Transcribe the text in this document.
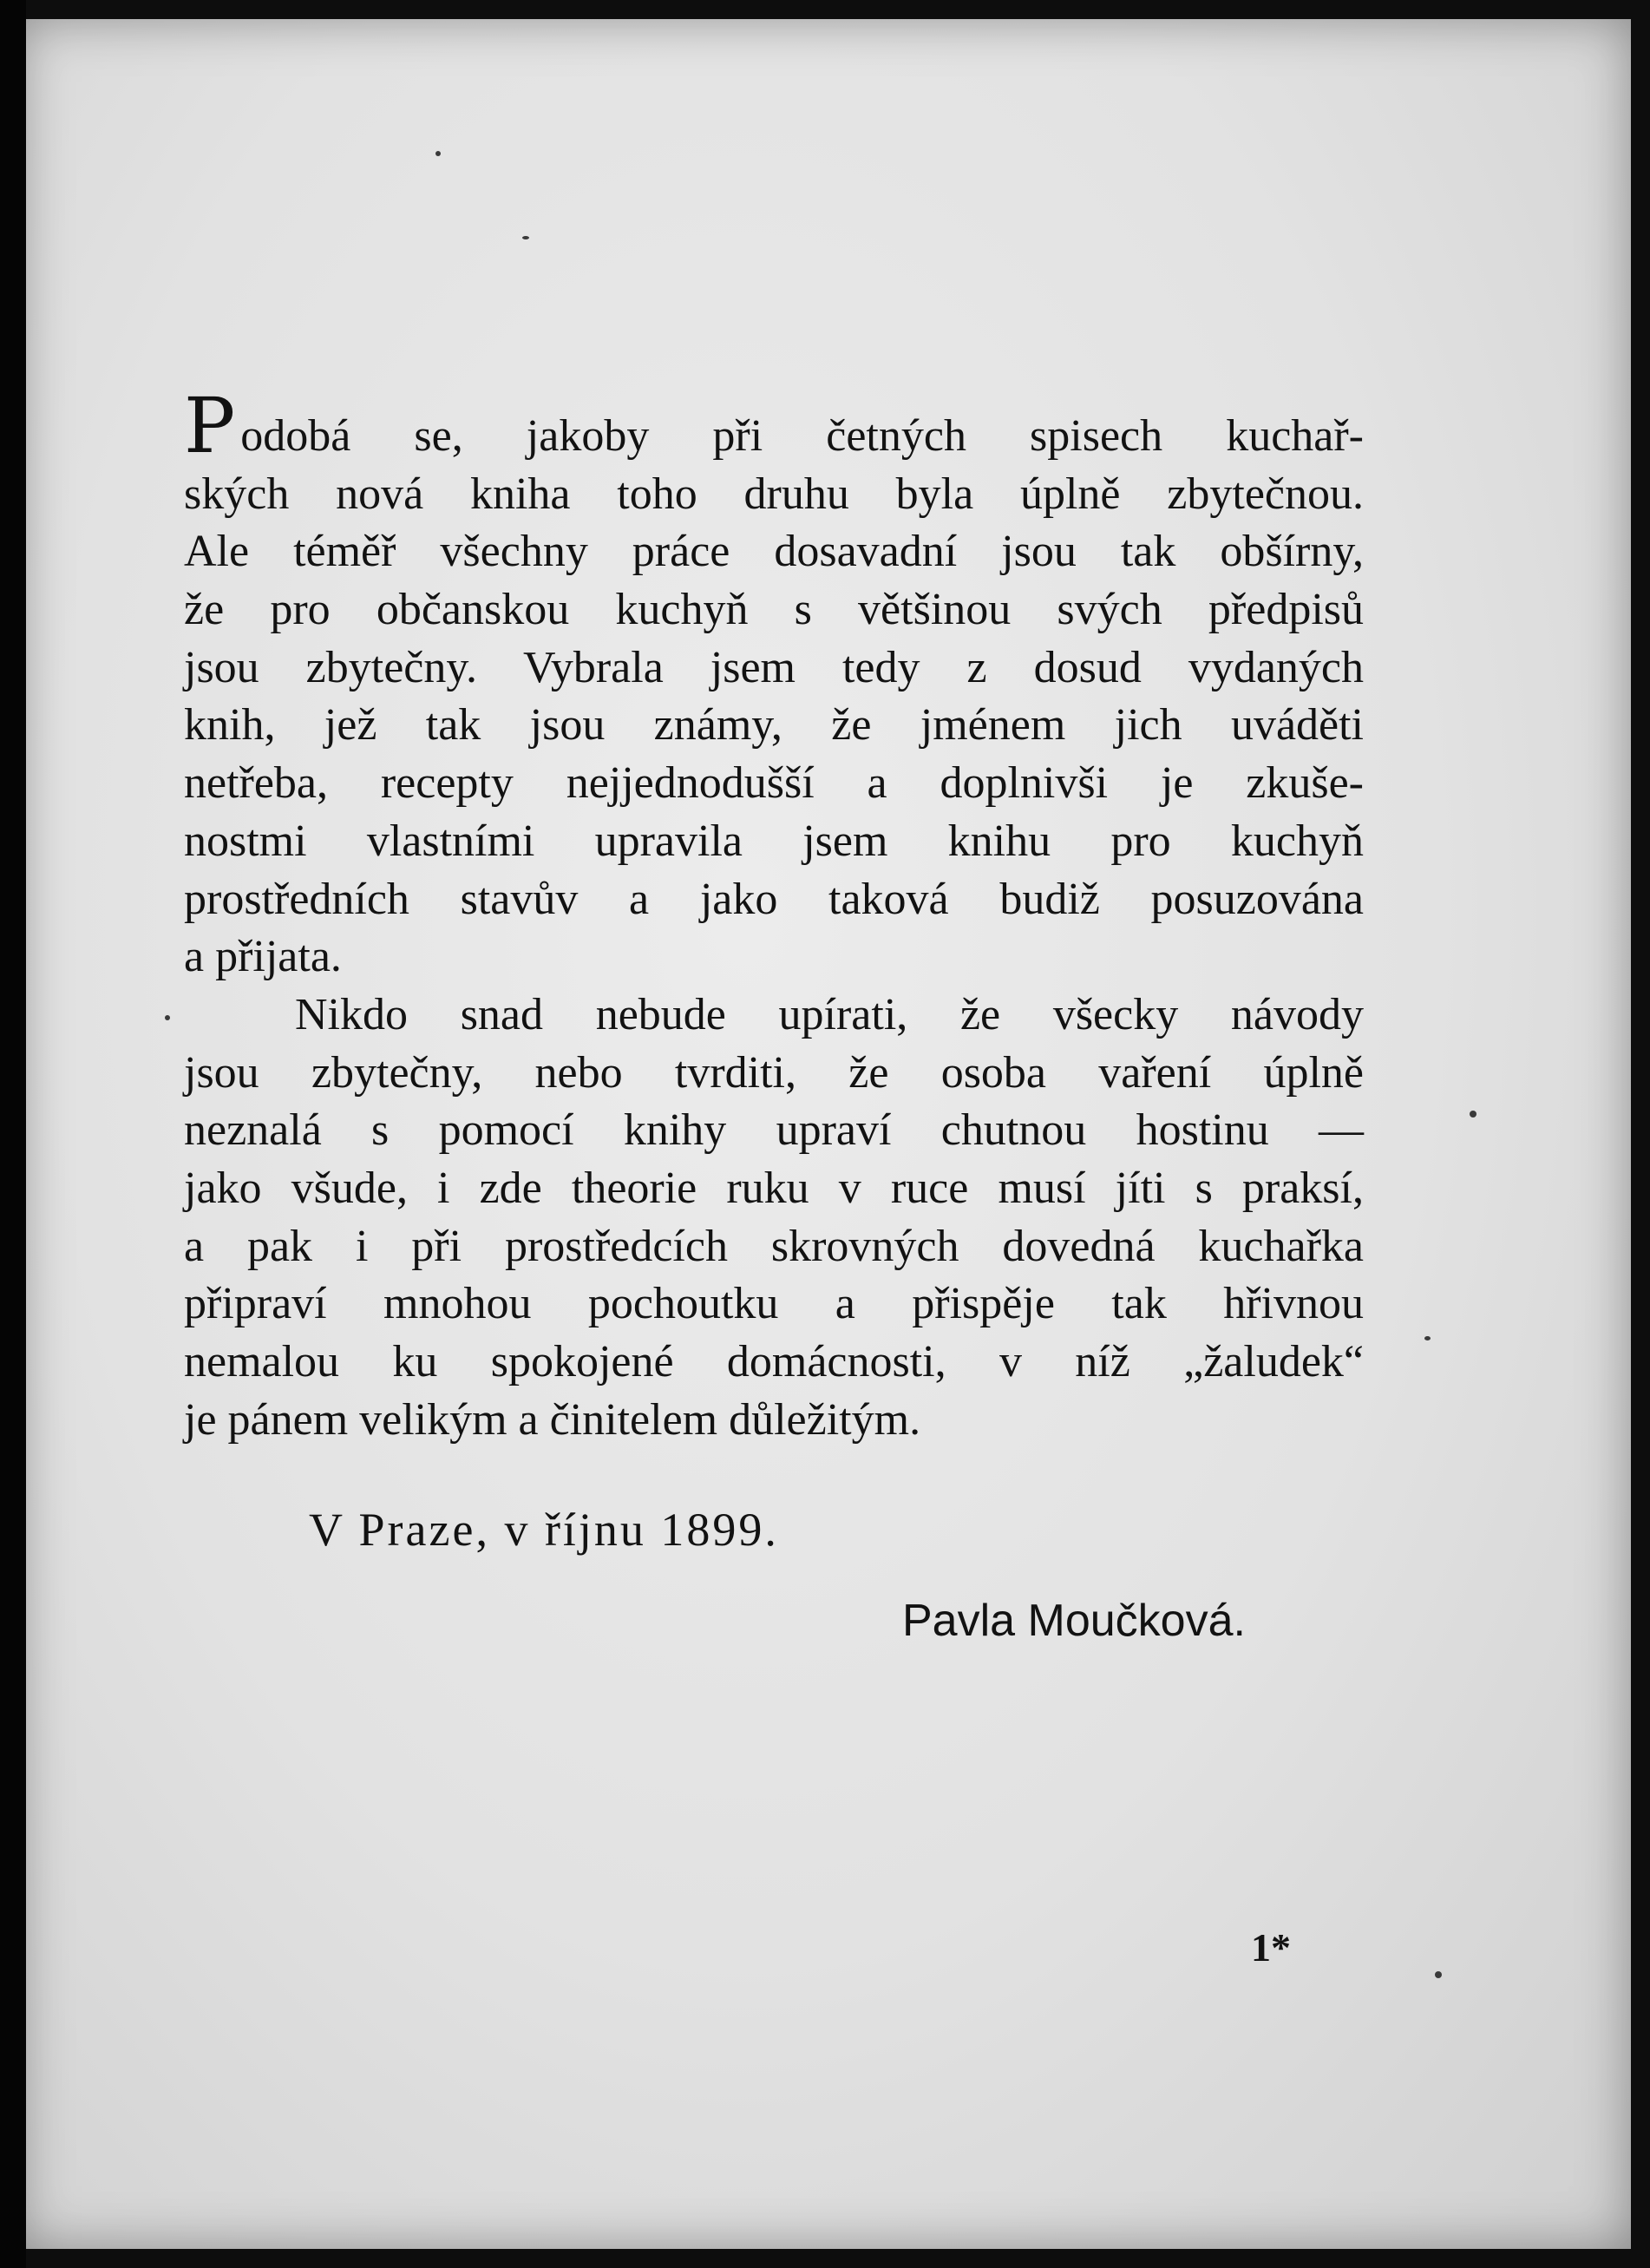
Podobá se, jakoby při četných spisech kuchař-
ských nová kniha toho druhu byla úplně zbytečnou.
Ale téměř všechny práce dosavadní jsou tak obšírny,
že pro občanskou kuchyň s většinou svých předpisů
jsou zbytečny. Vybrala jsem tedy z dosud vydaných
knih, jež tak jsou známy, že jménem jich uváděti
netřeba, recepty nejjednodušší a doplnivši je zkuše-
nostmi vlastními upravila jsem knihu pro kuchyň
prostředních stavův a jako taková budiž posuzována
a přijata.
Nikdo snad nebude upírati, že všecky návody
jsou zbytečny, nebo tvrditi, že osoba vaření úplně
neznalá s pomocí knihy upraví chutnou hostinu —
jako všude, i zde theorie ruku v ruce musí jíti s praksí,
a pak i při prostředcích skrovných dovedná kuchařka
připraví mnohou pochoutku a přispěje tak hřivnou
nemalou ku spokojené domácnosti, v níž „žaludek“
je pánem velikým a činitelem důležitým.
V Praze, v říjnu 1899.
Pavla Moučková.
1*
